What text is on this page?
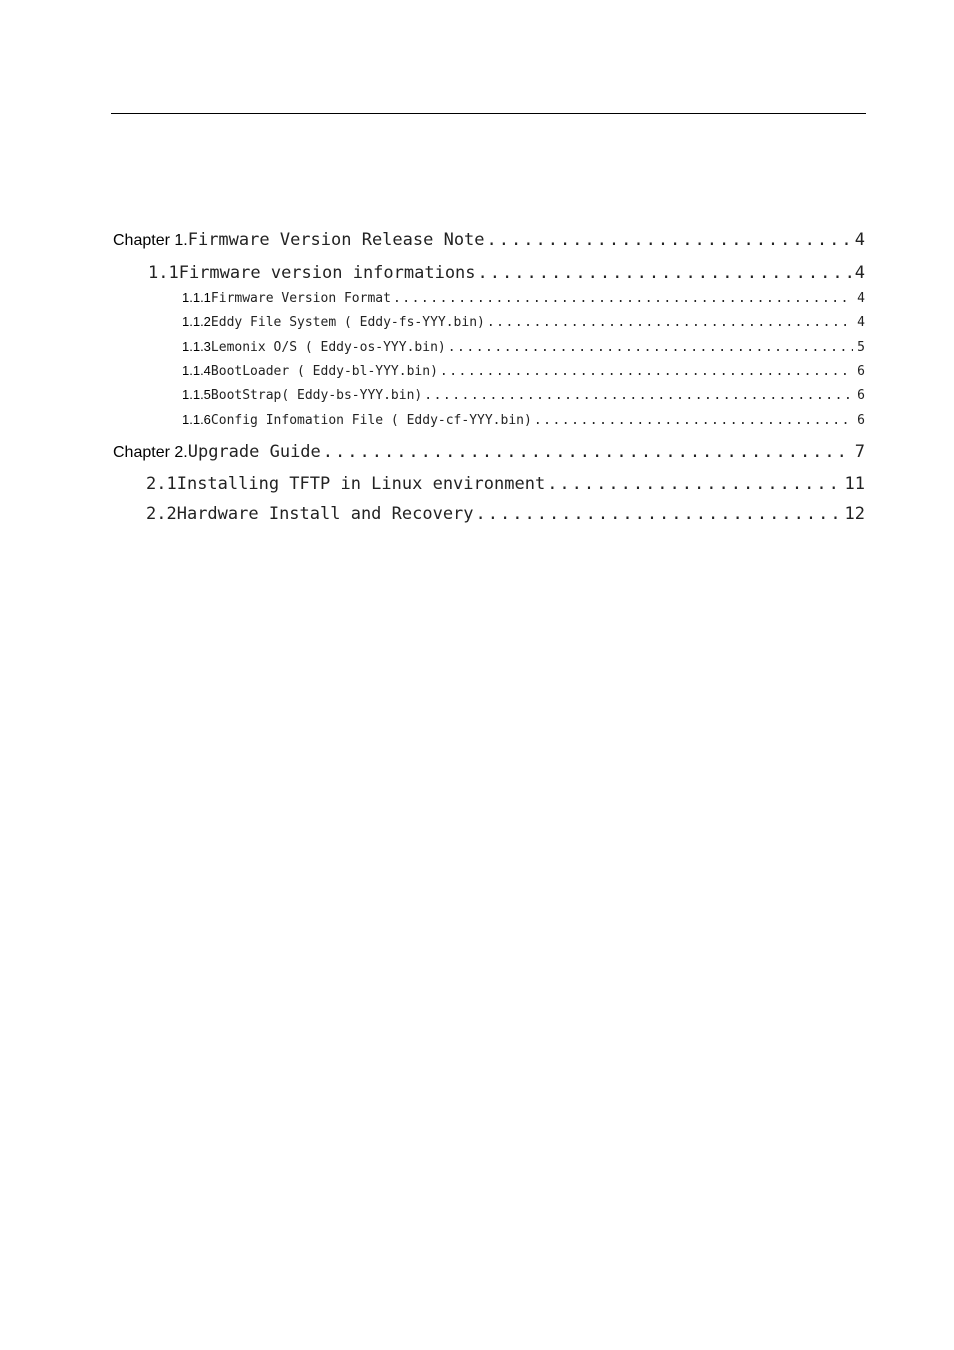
Chapter 1. Firmware Version Release Note .....	4
1.1 Firmware version informations .....	4
1.1.1 Firmware Version Format .....	4
1.1.2 Eddy File System ( Eddy-fs-YYY.bin) .....	4
1.1.3 Lemonix O/S ( Eddy-os-YYY.bin) .....	5
1.1.4 BootLoader ( Eddy-bl-YYY.bin) .....	6
1.1.5 BootStrap( Eddy-bs-YYY.bin) .....	6
1.1.6 Config Infomation File ( Eddy-cf-YYY.bin) .....	6
Chapter 2. Upgrade Guide .....	7
2.1 Installing TFTP in Linux environment .....	11
2.2 Hardware Install and Recovery .....	12
